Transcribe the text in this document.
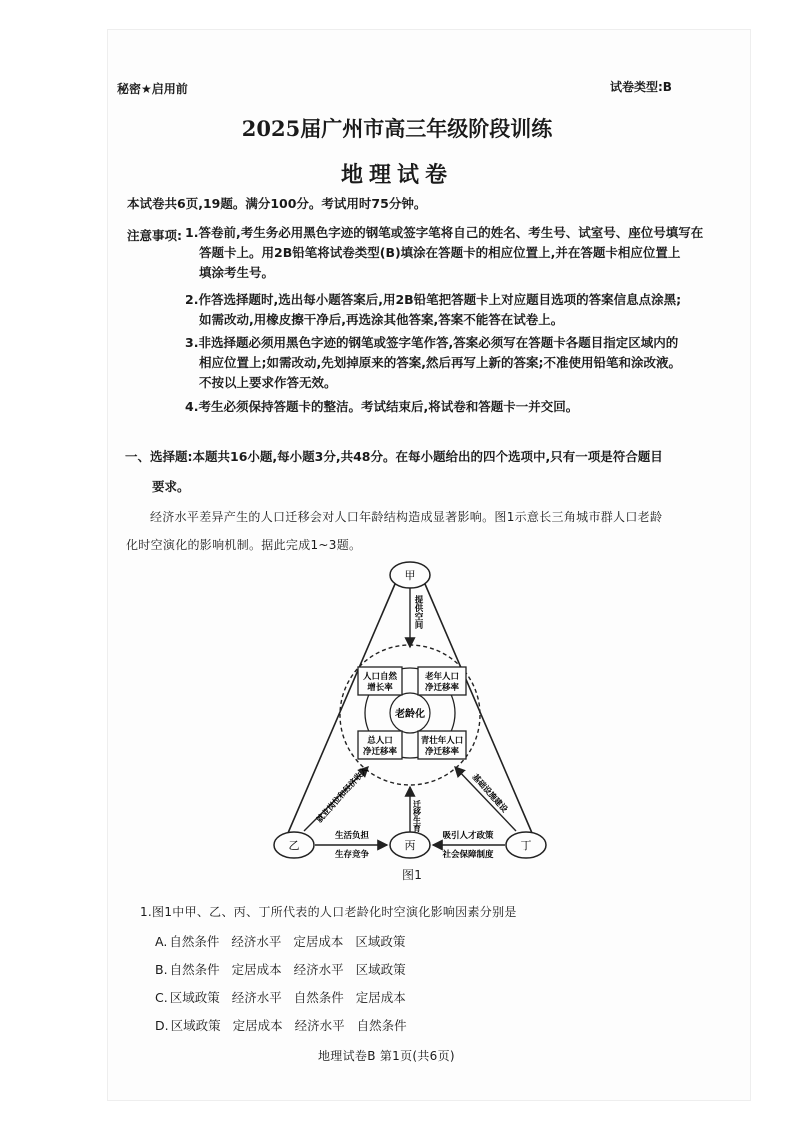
秘密★启用前	试卷类型:B
2025届广州市高三年级阶段训练
地理试卷
本试卷共6页,19题。满分100分。考试用时75分钟。
注意事项: 1.答卷前,考生务必用黑色字迹的钢笔或签字笔将自己的姓名、考生号、试室号、座位号填写在
答题卡上。用2B铅笔将试卷类型(B)填涂在答题卡的相应位置上,并在答题卡相应位置上
填涂考生号。
2.作答选择题时,选出每小题答案后,用2B铅笔把答题卡上对应题目选项的答案信息点涂黑;
如需改动,用橡皮擦干净后,再选涂其他答案,答案不能答在试卷上。
3.非选择题必须用黑色字迹的钢笔或签字笔作答,答案必须写在答题卡各题目指定区域内的
相应位置上;如需改动,先划掉原来的答案,然后再写上新的答案;不准使用铅笔和涂改液。
不按以上要求作答无效。
4.考生必须保持答题卡的整洁。考试结束后,将试卷和答题卡一并交回。
一、选择题:本题共16小题,每小题3分,共48分。在每小题给出的四个选项中,只有一项是符合题目
要求。
经济水平差异产生的人口迁移会对人口年龄结构造成显著影响。图1示意长三角城市群人口老龄
化时空演化的影响机制。据此完成1~3题。
老龄化
人口自然
增长率
老年人口
净迁移率
总人口
净迁移率
青壮年人口
净迁移率
甲
乙	丙	丁
提供空间
迁移生育
就业岗位和经济收入	基础设施建设
生活负担
生存竞争
吸引人才政策
社会保障制度
图1
1.图1中甲、乙、丙、丁所代表的人口老龄化时空演化影响因素分别是
A. 自然条件 经济水平 定居成本 区域政策
B. 自然条件 定居成本 经济水平 区域政策
C. 区域政策 经济水平 自然条件 定居成本
D. 区域政策 定居成本 经济水平 自然条件
地理试卷B 第1页(共6页)
